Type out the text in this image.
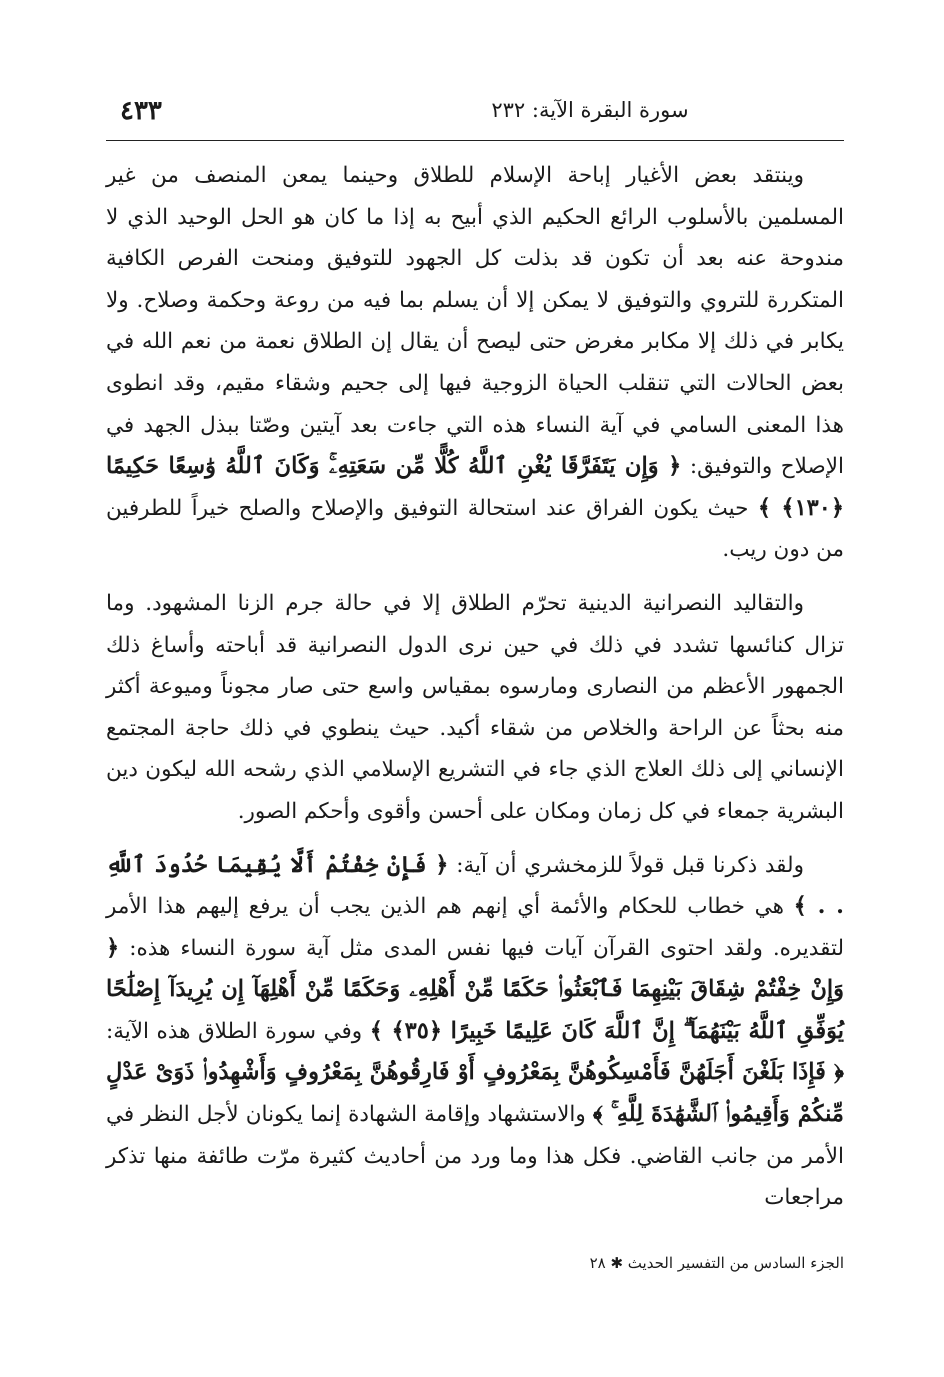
٤٣٣	سورة البقرة الآية: ٢٣٢

وينتقد بعض الأغيار إباحة الإسلام للطلاق وحينما يمعن المنصف من غير المسلمين بالأسلوب الرائع الحكيم الذي أبيح به إذا ما كان هو الحل الوحيد الذي لا مندوحة عنه بعد أن تكون قد بذلت كل الجهود للتوفيق ومنحت الفرص الكافية المتكررة للتروي والتوفيق لا يمكن إلا أن يسلم بما فيه من روعة وحكمة وصلاح. ولا يكابر في ذلك إلا مكابر مغرض حتى ليصح أن يقال إن الطلاق نعمة من نعم الله في بعض الحالات التي تنقلب الحياة الزوجية فيها إلى جحيم وشقاء مقيم، وقد انطوى هذا المعنى السامي في آية النساء هذه التي جاءت بعد آيتين وصّتا ببذل الجهد في الإصلاح والتوفيق: ﴿ وَإِن يَتَفَرَّقَا يُغْنِ ٱللَّهُ كُلًّا مِّن سَعَتِهِۦۚ وَكَانَ ٱللَّهُ وَٰسِعًا حَكِيمًا ﴿١٣٠﴾ ﴾ حيث يكون الفراق عند استحالة التوفيق والإصلاح والصلح خيراً للطرفين من دون ريب.

والتقاليد النصرانية الدينية تحرّم الطلاق إلا في حالة جرم الزنا المشهود. وما تزال كنائسها تشدد في ذلك في حين نرى الدول النصرانية قد أباحته وأساغ ذلك الجمهور الأعظم من النصارى ومارسوه بمقياس واسع حتى صار مجوناً وميوعة أكثر منه بحثاً عن الراحة والخلاص من شقاء أكيد. حيث ينطوي في ذلك حاجة المجتمع الإنساني إلى ذلك العلاج الذي جاء في التشريع الإسلامي الذي رشحه الله ليكون دين البشرية جمعاء في كل زمان ومكان على أحسن وأقوى وأحكم الصور.

ولقد ذكرنا قبل قولاً للزمخشري أن آية: ﴿ فَإِنْ خِفْتُمْ أَلَّا يُقِيمَا حُدُودَ ٱللَّهِ . . ﴾ هي خطاب للحكام والأئمة أي إنهم هم الذين يجب أن يرفع إليهم هذا الأمر لتقديره. ولقد احتوى القرآن آيات فيها نفس المدى مثل آية سورة النساء هذه: ﴿ وَإِنْ خِفْتُمْ شِقَاقَ بَيْنِهِمَا فَٱبْعَثُوا۟ حَكَمًا مِّنْ أَهْلِهِۦ وَحَكَمًا مِّنْ أَهْلِهَآ إِن يُرِيدَآ إِصْلَٰحًا يُوَفِّقِ ٱللَّهُ بَيْنَهُمَآ ۗ إِنَّ ٱللَّهَ كَانَ عَلِيمًا خَبِيرًا ﴿٣٥﴾ ﴾ وفي سورة الطلاق هذه الآية: ﴿ فَإِذَا بَلَغْنَ أَجَلَهُنَّ فَأَمْسِكُوهُنَّ بِمَعْرُوفٍ أَوْ فَارِقُوهُنَّ بِمَعْرُوفٍ وَأَشْهِدُوا۟ ذَوَىْ عَدْلٍ مِّنكُمْ وَأَقِيمُوا۟ ٱلشَّهَٰدَةَ لِلَّهِ ۚ ﴾ والاستشهاد وإقامة الشهادة إنما يكونان لأجل النظر في الأمر من جانب القاضي. فكل هذا وما ورد من أحاديث كثيرة مرّت طائفة منها تذكر مراجعات

الجزء السادس من التفسير الحديث ✱ ٢٨
